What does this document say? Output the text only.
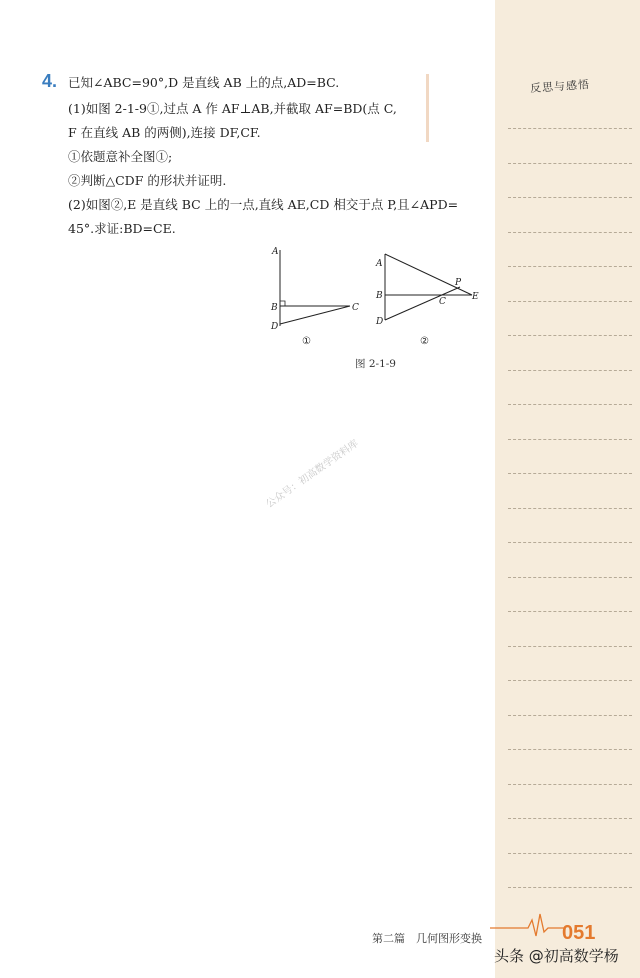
反思与感悟
4. 已知∠ABC=90°,D 是直线 AB 上的点,AD=BC.
(1)如图 2-1-9①,过点 A 作 AF⊥AB,并截取 AF=BD(点 C,
F 在直线 AB 的两侧),连接 DF,CF.
①依题意补全图①;
②判断△CDF 的形状并证明.
(2)如图②,E 是直线 BC 上的一点,直线 AE,CD 相交于点 P,且∠APD=
45°.求证:BD=CE.
A
B
D
C
①
A
B
D
C
P
E
②
图 2-1-9
公众号：初高数学资料库
第二篇　几何图形变换	051
头条 @初高数学杨
